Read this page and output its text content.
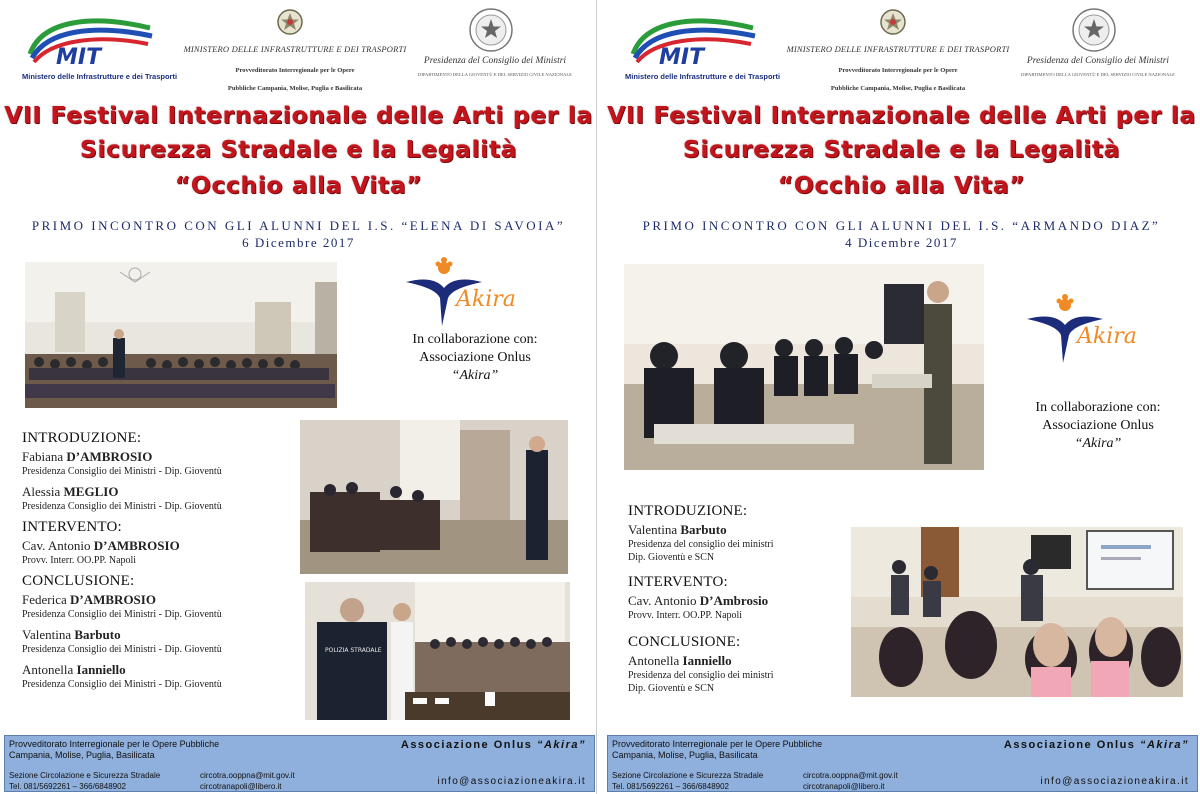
MIT
Ministero delle Infrastrutture e dei Trasporti
MINISTERO DELLE INFRASTRUTTURE E DEI TRASPORTI
Provveditorato Interregionale per le Opere
Pubbliche Campania, Molise, Puglia e Basilicata
Presidenza del Consiglio dei Ministri
DIPARTIMENTO DELLA GIOVENTÙ E DEL SERVIZIO CIVILE NAZIONALE
VII Festival Internazionale delle Arti per la
Sicurezza Stradale e la Legalità
“Occhio alla Vita”
PRIMO INCONTRO CON GLI ALUNNI DEL I.S. “ELENA DI SAVOIA”
6 Dicembre 2017
Akira
In collaborazione con:
Associazione Onlus
“Akira”
INTRODUZIONE:
Fabiana D’AMBROSIO
Presidenza Consiglio dei Ministri - Dip. Gioventù
Alessia MEGLIO
Presidenza Consiglio dei Ministri - Dip. Gioventù
INTERVENTO:
Cav. Antonio D’AMBROSIO
Provv. Interr. OO.PP. Napoli
CONCLUSIONE:
Federica D’AMBROSIO
Presidenza Consiglio dei Ministri - Dip. Gioventù
Valentina Barbuto
Presidenza Consiglio dei Ministri - Dip. Gioventù
Antonella Ianniello
Presidenza Consiglio dei Ministri - Dip. Gioventù
POLIZIA STRADALE
Provveditorato Interregionale per le Opere Pubbliche
Campania, Molise, Puglia, Basilicata
Sezione Circolazione e Sicurezza Stradale
Tel. 081/5692261 – 366/6848902
circotra.ooppna@mit.gov.it
circotranapoli@libero.it
Associazione Onlus “Akira”
info@associazioneakira.it
MIT
Ministero delle Infrastrutture e dei Trasporti
MINISTERO DELLE INFRASTRUTTURE E DEI TRASPORTI
Provveditorato Interregionale per le Opere
Pubbliche Campania, Molise, Puglia e Basilicata
Presidenza del Consiglio dei Ministri
DIPARTIMENTO DELLA GIOVENTÙ E DEL SERVIZIO CIVILE NAZIONALE
VII Festival Internazionale delle Arti per la
Sicurezza Stradale e la Legalità
“Occhio alla Vita”
PRIMO INCONTRO CON GLI ALUNNI DEL I.S. “ARMANDO DIAZ”
4 Dicembre 2017
Akira
In collaborazione con:
Associazione Onlus
“Akira”
INTRODUZIONE:
Valentina Barbuto
Presidenza del consiglio dei ministri
Dip. Gioventù e SCN
INTERVENTO:
Cav. Antonio D’Ambrosio
Provv. Interr. OO.PP. Napoli
CONCLUSIONE:
Antonella Ianniello
Presidenza del consiglio dei ministri
Dip. Gioventù e SCN
Provveditorato Interregionale per le Opere Pubbliche
Campania, Molise, Puglia, Basilicata
Sezione Circolazione e Sicurezza Stradale
Tel. 081/5692261 – 366/6848902
circotra.ooppna@mit.gov.it
circotranapoli@libero.it
Associazione Onlus “Akira”
info@associazioneakira.it
